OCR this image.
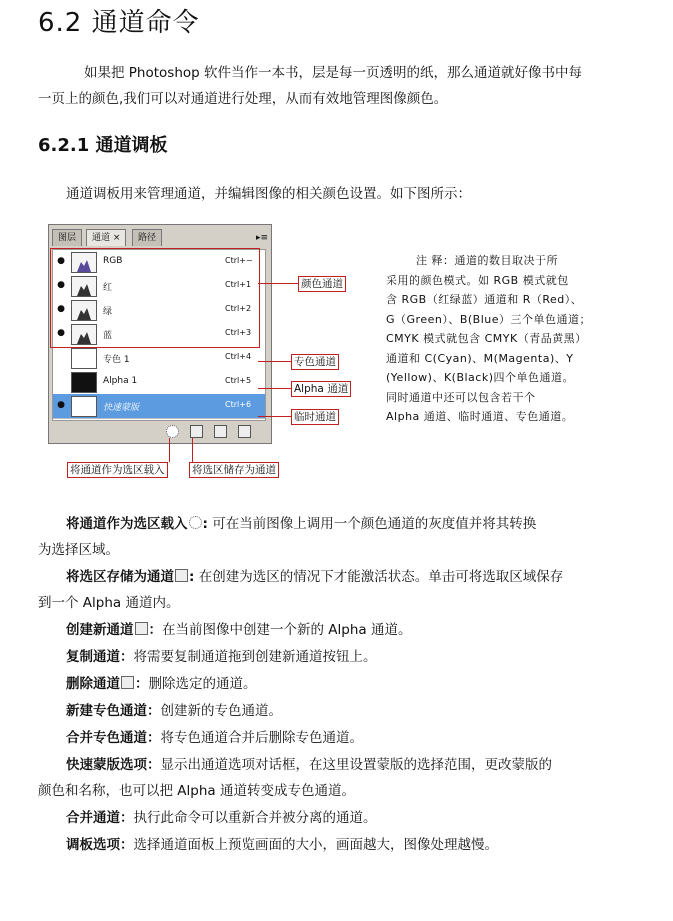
6.2 通道命令
如果把 Photoshop 软件当作一本书，层是每一页透明的纸，那么通道就好像书中每
一页上的颜色,我们可以对通道进行处理，从而有效地管理图像颜色。
6.2.1 通道调板
通道调板用来管理通道，并编辑图像的相关颜色设置。如下图所示：
图层	通道 ×	路径	▸≡
●	RGB	Ctrl+~
●	红	Ctrl+1
●	绿	Ctrl+2
●	蓝	Ctrl+3
专色 1	Ctrl+4
Alpha 1	Ctrl+5
●	快速蒙版	Ctrl+6
颜色通道
专色通道
Alpha 通道
临时通道
将通道作为选区载入	将选区储存为通道
注 释：通道的数目取决于所
采用的颜色模式。如 RGB 模式就包
含 RGB（红绿蓝）通道和 R（Red）、
G（Green）、B(Blue）三个单色通道；
CMYK 模式就包含 CMYK（青品黄黑）
通道和 C(Cyan)、M(Magenta)、Y
(Yellow)、K(Black)四个单色通道。
同时通道中还可以包含若干个
Alpha 通道、临时通道、专色通道。
将通道作为选区载入 : 可在当前图像上调用一个颜色通道的灰度值并将其转换
为选择区域。
将选区存储为通道 : 在创建为选区的情况下才能激活状态。单击可将选取区域保存
到一个 Alpha 通道内。
创建新通道 ：在当前图像中创建一个新的 Alpha 通道。
复制通道：将需要复制通道拖到创建新通道按钮上。
删除通道 ：删除选定的通道。
新建专色通道：创建新的专色通道。
合并专色通道：将专色通道合并后删除专色通道。
快速蒙版选项：显示出通道选项对话框，在这里设置蒙版的选择范围，更改蒙版的
颜色和名称，也可以把 Alpha 通道转变成专色通道。
合并通道：执行此命令可以重新合并被分离的通道。
调板选项：选择通道面板上预览画面的大小，画面越大，图像处理越慢。
